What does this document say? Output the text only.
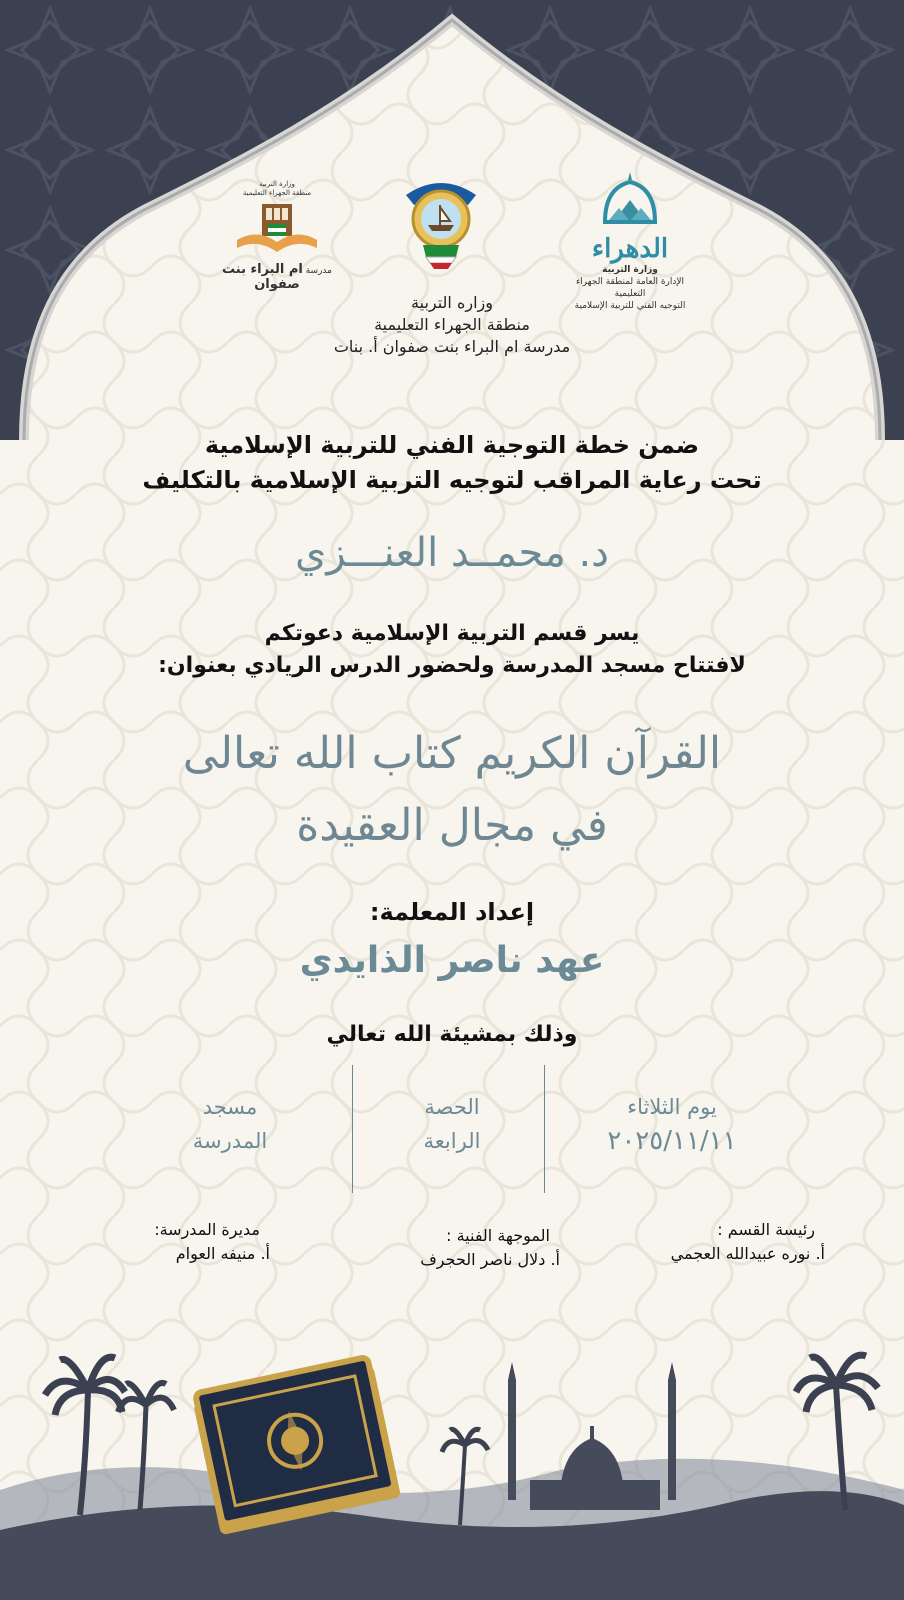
الدهراء
وزارة التربية
الإدارة العامة لمنطقة الجهراء التعليمية
التوجيه الفني للتربية الإسلامية
وزارة التربية
منطقة الجهراء التعليمية
مدرسة ام البراء بنت صفوان
وزاره التربية
منطقة الجهراء التعليمية
مدرسة ام البراء بنت صفوان أ. بنات
ضمن خطة التوجية الفني للتربية الإسلامية
تحت رعاية المراقب لتوجيه التربية الإسلامية بالتكليف
د. محمــد العنـــزي
يسر قسم التربية الإسلامية دعوتكم
لافتتاح مسجد المدرسة ولحضور الدرس الريادي بعنوان:
القرآن الكريم كتاب الله تعالى
في مجال العقيدة
إعداد المعلمة:
عهد ناصر الذايدي
وذلك بمشيئة الله تعالي
يوم الثلاثاء
٢٠٢٥/١١/١١
الحصة
الرابعة
مسجد
المدرسة
رئيسة القسم :
أ. نوره عبيدالله العجمي
الموجهة الفنية :
أ. دلال ناصر الحجرف
مديرة المدرسة:
أ. منيفه العوام
